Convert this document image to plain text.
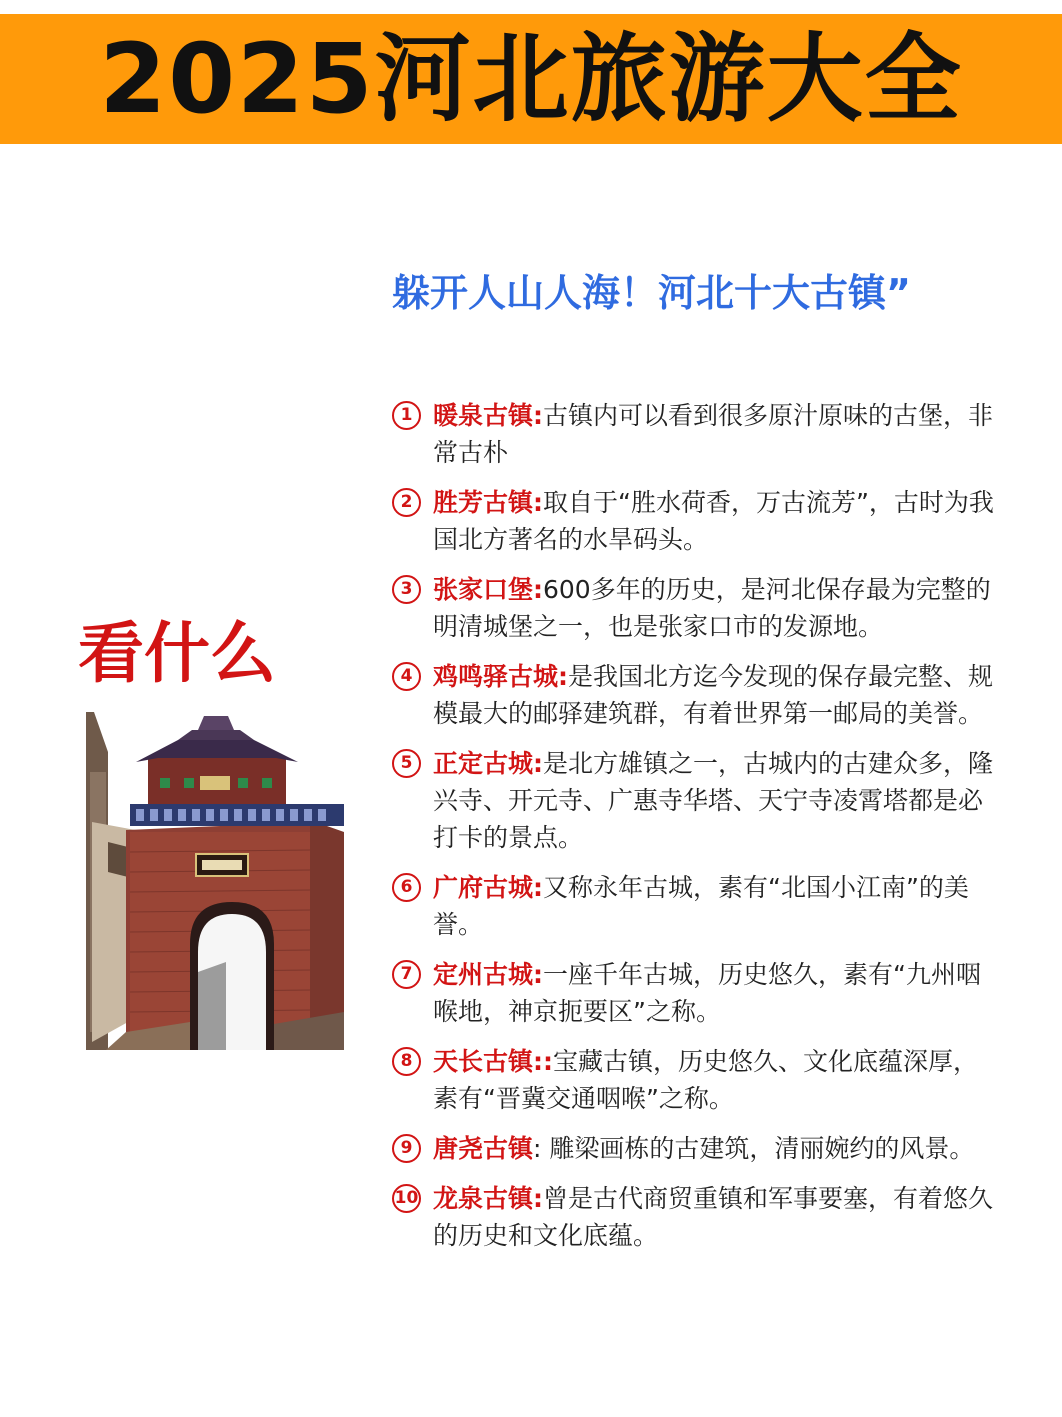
2025河北旅游大全
躲开人山人海！河北十大古镇”
看什么
1 暖泉古镇:古镇内可以看到很多原汁原味的古堡，非常古朴
2 胜芳古镇:取自于“胜水荷香，万古流芳”，古时为我国北方著名的水旱码头。
3 张家口堡:600多年的历史，是河北保存最为完整的明清城堡之一，也是张家口市的发源地。
4 鸡鸣驿古城:是我国北方迄今发现的保存最完整、规模最大的邮驿建筑群，有着世界第一邮局的美誉。
5 正定古城:是北方雄镇之一，古城内的古建众多，隆兴寺、开元寺、广惠寺华塔、天宁寺凌霄塔都是必打卡的景点。
6 广府古城:又称永年古城，素有“北国小江南”的美誉。
7 定州古城:一座千年古城，历史悠久，素有“九州咽喉地，神京扼要区”之称。
8 天长古镇::宝藏古镇，历史悠久、文化底蕴深厚，素有“晋冀交通咽喉”之称。
9 唐尧古镇: 雕梁画栋的古建筑，清丽婉约的风景。
10 龙泉古镇:曾是古代商贸重镇和军事要塞，有着悠久的历史和文化底蕴。
